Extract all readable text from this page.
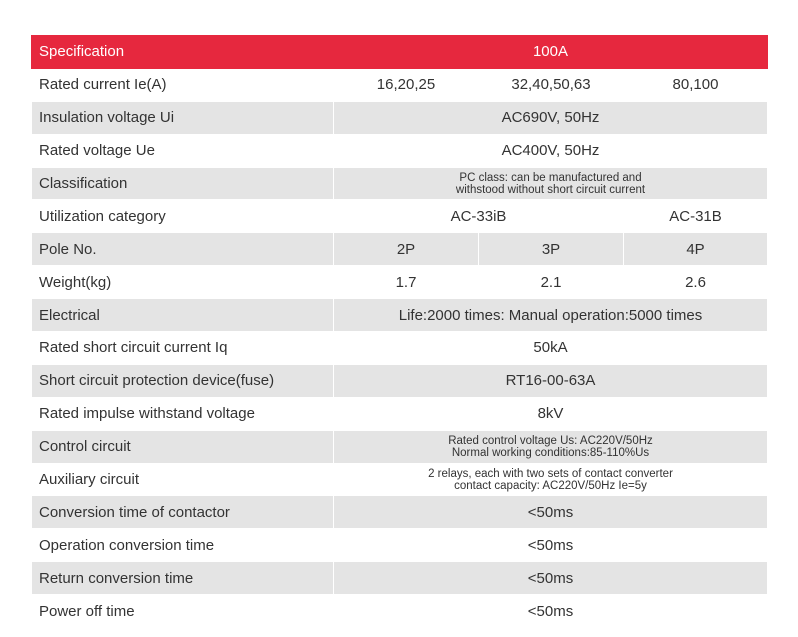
Specification	100A		
Rated current Ie(A)	16,20,25	32,40,50,63	80,100
Insulation voltage Ui	AC690V, 50Hz		
Rated voltage Ue	AC400V, 50Hz		
Classification	PC class: can be manufactured and
withstood without short circuit current		

Utilization category	AC-33iB		AC-31B
Pole No.	2P	3P	4P
Weight(kg)	1.7	2.1	2.6
Electrical	Life:2000 times: Manual operation:5000 times		
Rated short circuit current Iq	50kA		
Short circuit protection device(fuse)	RT16-00-63A		
Rated impulse withstand voltage	8kV		
Control circuit	Rated control voltage Us: AC220V/50Hz
Normal working conditions:85-110%Us		

Auxiliary circuit	2 relays, each with two sets of contact converter
contact capacity: AC220V/50Hz Ie=5y		

Conversion time of contactor	<50ms		
Operation conversion time	<50ms		
Return conversion time	<50ms		
Power off time	<50ms		
